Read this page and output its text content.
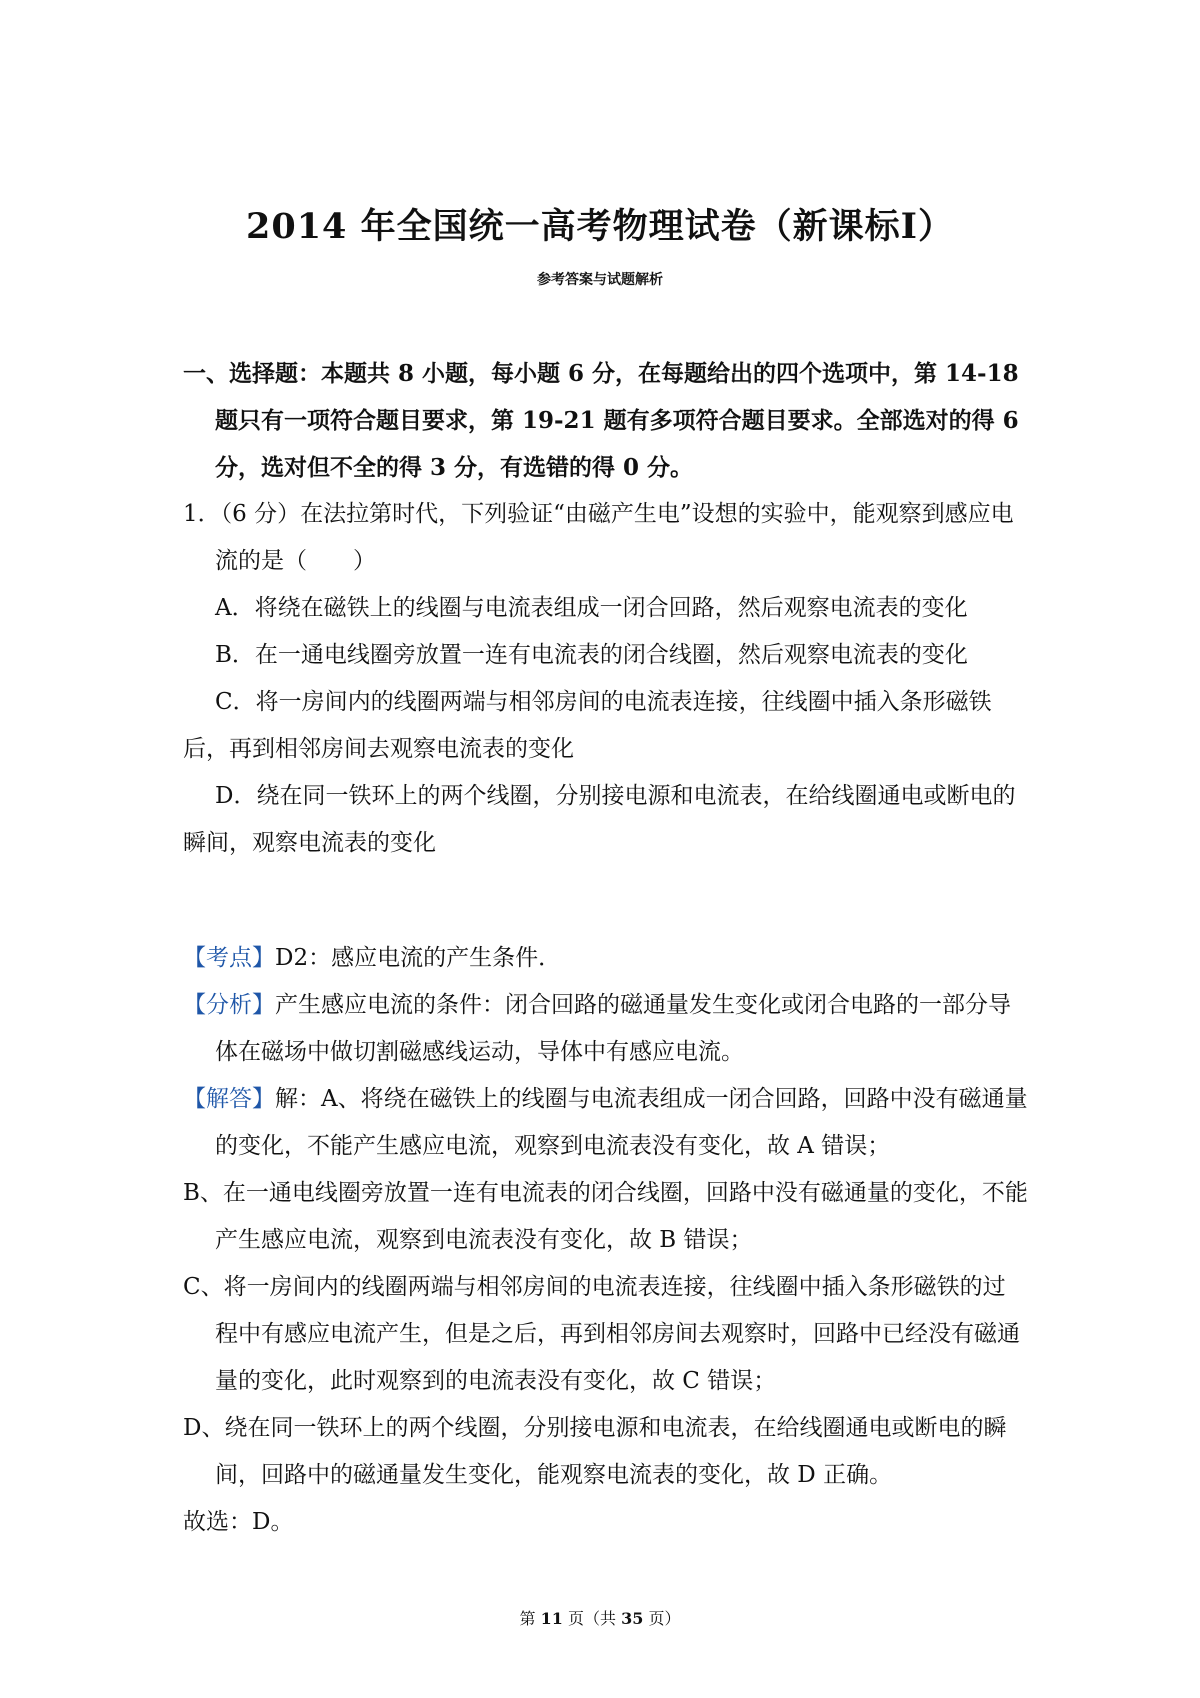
2014 年全国统一高考物理试卷（新课标I）
参考答案与试题解析
一、选择题：本题共 8 小题，每小题 6 分，在每题给出的四个选项中，第 14-18 题只有一项符合题目要求，第 19-21 题有多项符合题目要求。全部选对的得 6 分，选对但不全的得 3 分，有选错的得 0 分。
1．（6 分）在法拉第时代，下列验证“由磁产生电”设想的实验中，能观察到感应电流的是（　　）
A．将绕在磁铁上的线圈与电流表组成一闭合回路，然后观察电流表的变化
B．在一通电线圈旁放置一连有电流表的闭合线圈，然后观察电流表的变化
C．将一房间内的线圈两端与相邻房间的电流表连接，往线圈中插入条形磁铁后，再到相邻房间去观察电流表的变化
D．绕在同一铁环上的两个线圈，分别接电源和电流表，在给线圈通电或断电的瞬间，观察电流表的变化
【考点】D2：感应电流的产生条件．
【分析】产生感应电流的条件：闭合回路的磁通量发生变化或闭合电路的一部分导体在磁场中做切割磁感线运动，导体中有感应电流。
【解答】解：A、将绕在磁铁上的线圈与电流表组成一闭合回路，回路中没有磁通量的变化，不能产生感应电流，观察到电流表没有变化，故 A 错误；
B、在一通电线圈旁放置一连有电流表的闭合线圈，回路中没有磁通量的变化，不能产生感应电流，观察到电流表没有变化，故 B 错误；
C、将一房间内的线圈两端与相邻房间的电流表连接，往线圈中插入条形磁铁的过程中有感应电流产生，但是之后，再到相邻房间去观察时，回路中已经没有磁通量的变化，此时观察到的电流表没有变化，故 C 错误；
D、绕在同一铁环上的两个线圈，分别接电源和电流表，在给线圈通电或断电的瞬间，回路中的磁通量发生变化，能观察电流表的变化，故 D 正确。
故选：D。
第 11 页（共 35 页）
